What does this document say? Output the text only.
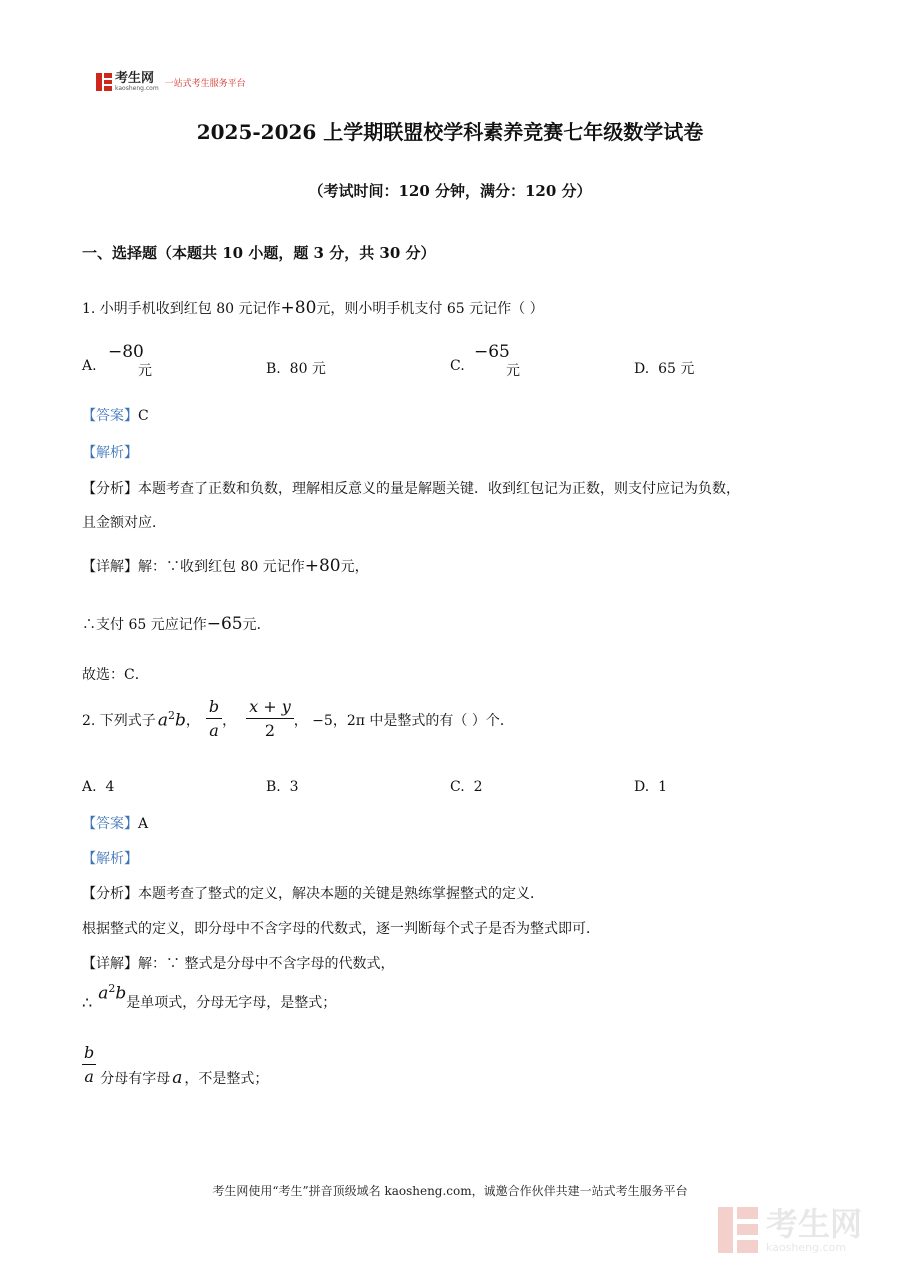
考生网
kaosheng.com 一站式考生服务平台
2025-2026 上学期联盟校学科素养竞赛七年级数学试卷
（考试时间：120 分钟，满分：120 分）
一、选择题（本题共 10 小题，题 3 分，共 30 分）
1. 小明手机收到红包 80 元记作+80元，则小明手机支付 65 元记作（ ）
A.
−80
元	B. 80 元	C.
−65
元	D. 65 元
【答案】C
【解析】
【分析】本题考查了正数和负数，理解相反意义的量是解题关键．收到红包记为正数，则支付应记为负数，
且金额对应．
【详解】解：∵收到红包 80 元记作+80元，
∴支付 65 元应记作−65元．
故选：C．
2. 下列式子 $a^2b$ ， $\frac{b}{a}$ ， $\frac{x + y}{2}$ ， −5，2π 中是整式的有（ ）个．
A. 4	B. 3	C. 2	D. 1
【答案】A
【解析】
【分析】本题考查了整式的定义，解决本题的关键是熟练掌握整式的定义．
根据整式的定义，即分母中不含字母的代数式，逐一判断每个式子是否为整式即可．
【详解】解：∵ 整式是分母中不含字母的代数式，
∴ $a^2b$ 是单项式，分母无字母，是整式；
$\frac{b}{a}$ 分母有字母 a ，不是整式；
考生网使用“考生”拼音顶级域名 kaosheng.com，诚邀合作伙伴共建一站式考生服务平台
考生网
kaosheng.com
